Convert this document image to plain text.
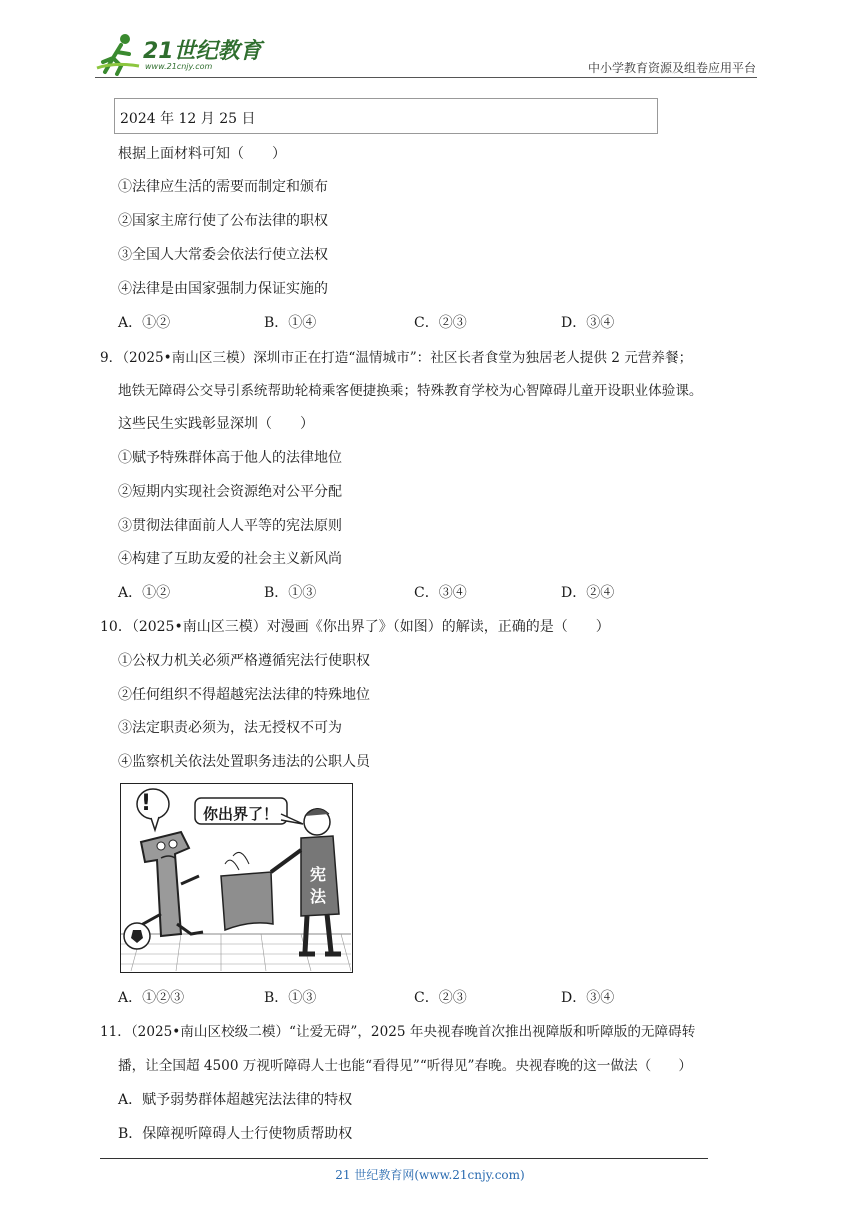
21世纪教育
www.21cnjy.com	中小学教育资源及组卷应用平台
2024 年 12 月 25 日
根据上面材料可知（　　）
①法律应生活的需要而制定和颁布
②国家主席行使了公布法律的职权
③全国人大常委会依法行使立法权
④法律是由国家强制力保证实施的
A．①②	B．①④	C．②③	D．③④
9．（2025•南山区三模）深圳市正在打造“温情城市”：社区长者食堂为独居老人提供 2 元营养餐；
地铁无障碍公交导引系统帮助轮椅乘客便捷换乘；特殊教育学校为心智障碍儿童开设职业体验课。
这些民生实践彰显深圳（　　）
①赋予特殊群体高于他人的法律地位
②短期内实现社会资源绝对公平分配
③贯彻法律面前人人平等的宪法原则
④构建了互助友爱的社会主义新风尚
A．①②	B．①③	C．③④	D．②④
10．（2025•南山区三模）对漫画《你出界了》（如图）的解读，正确的是（　　）
①公权力机关必须严格遵循宪法行使职权
②任何组织不得超越宪法法律的特殊地位
③法定职责必须为，法无授权不可为
④监察机关依法处置职务违法的公职人员
!	你出界了！
宪
法
A．①②③	B．①③	C．②③	D．③④
11．（2025•南山区校级二模）“让爱无碍”，2025 年央视春晚首次推出视障版和听障版的无障碍转
播，让全国超 4500 万视听障碍人士也能“看得见”“听得见”春晚。央视春晚的这一做法（　　）
A．赋予弱势群体超越宪法法律的特权
B．保障视听障碍人士行使物质帮助权
21 世纪教育网(www.21cnjy.com)
